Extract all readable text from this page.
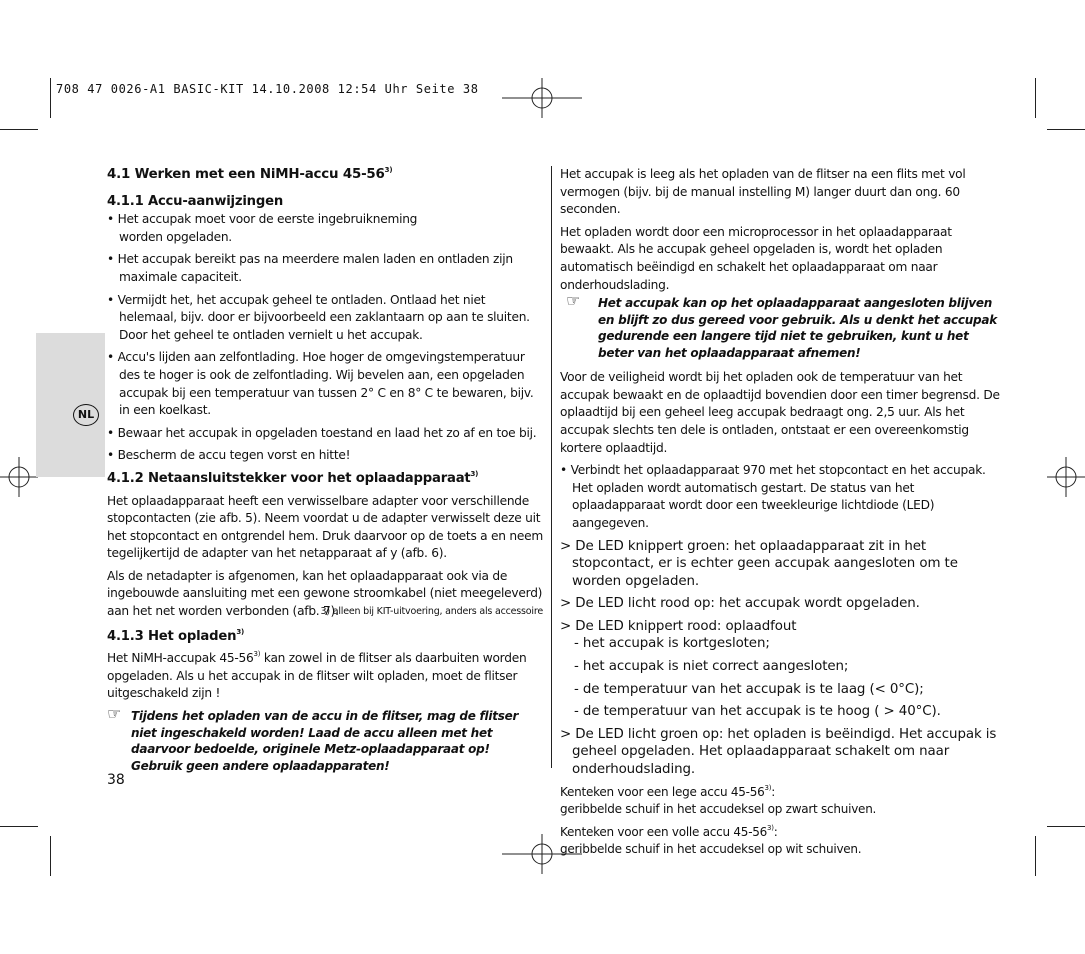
708 47 0026-A1 BASIC-KIT 14.10.2008 12:54 Uhr Seite 38
NL

4.1 Werken met een NiMH-accu 45-56$^{3)}$

4.1.1 Accu-aanwijzingen

• Het accupak moet voor de eerste ingebruikneming worden opgeladen.

• Het accupak bereikt pas na meerdere malen laden en ontladen zijn maximale capaciteit.

• Vermijdt het, het accupak geheel te ontladen. Ontlaad het niet helemaal, bijv. door er bijvoorbeeld een zaklantaarn op aan te sluiten. Door het geheel te ontladen vernielt u het accupak.

• Accu's lijden aan zelfontlading. Hoe hoger de omgevingstemperatuur des te hoger is ook de zelfontlading. Wij bevelen aan, een opgeladen accupak bij een temperatuur van tussen 2° C en 8° C te bewaren, bijv. in een koelkast.

• Bewaar het accupak in opgeladen toestand en laad het zo af en toe bij.

• Bescherm de accu tegen vorst en hitte!

4.1.2 Netaansluitstekker voor het oplaadapparaat$^{3)}$

Het oplaadapparaat heeft een verwisselbare adapter voor verschillende stopcontacten (zie afb. 5). Neem voordat u de adapter verwisselt deze uit het stopcontact en ontgrendel hem. Druk daarvoor op de toets a en neem tegelijkertijd de adapter van het netapparaat af y (afb. 6).

Als de netadapter is afgenomen, kan het oplaadapparaat ook via de ingebouwde aansluiting met een gewone stroomkabel (niet meegeleverd) aan het net worden verbonden (afb. 7).
3) alleen bij KIT-uitvoering, anders als accessoire

4.1.3 Het opladen$^{3)}$

Het NiMH-accupak 45-56$^{3)}$ kan zowel in de flitser als daarbuiten worden opgeladen. Als u het accupak in de flitser wilt opladen, moet de flitser uitgeschakeld zijn !

☞ Tijdens het opladen van de accu in de flitser, mag de flitser niet ingeschakeld worden! Laad de accu alleen met het daarvoor bedoelde, originele Metz-oplaadapparaat op! Gebruik geen andere oplaadapparaten!
38

Het accupak is leeg als het opladen van de flitser na een flits met vol vermogen (bijv. bij de manual instelling M) langer duurt dan ong. 60 seconden.

Het opladen wordt door een microprocessor in het oplaadapparaat bewaakt. Als he accupak geheel opgeladen is, wordt het opladen automatisch beëindigd en schakelt het oplaadapparaat om naar onderhoudslading.

☞ Het accupak kan op het oplaadapparaat aangesloten blijven en blijft zo dus gereed voor gebruik. Als u denkt het accupak gedurende een langere tijd niet te gebruiken, kunt u het beter van het oplaadapparaat afnemen!

Voor de veiligheid wordt bij het opladen ook de temperatuur van het accupak bewaakt en de oplaadtijd bovendien door een timer begrensd. De oplaadtijd bij een geheel leeg accupak bedraagt ong. 2,5 uur. Als het accupak slechts ten dele is ontladen, ontstaat er een overeenkomstig kortere oplaadtijd.

• Verbindt het oplaadapparaat 970 met het stopcontact en het accupak. Het opladen wordt automatisch gestart. De status van het oplaadapparaat wordt door een tweekleurige lichtdiode (LED) aangegeven.

> De LED knippert groen: het oplaadapparaat zit in het stopcontact, er is echter geen accupak aangesloten om te worden opgeladen.

> De LED licht rood op: het accupak wordt opgeladen.

> De LED knippert rood: oplaadfout

- het accupak is kortgesloten;

- het accupak is niet correct aangesloten;

- de temperatuur van het accupak is te laag (< 0°C);

- de temperatuur van het accupak is te hoog ( > 40°C).

> De LED licht groen op: het opladen is beëindigd. Het accupak is geheel opgeladen. Het oplaadapparaat schakelt om naar onderhoudslading.

Kenteken voor een lege accu 45-56$^{3)}$:
geribbelde schuif in het accudeksel op zwart schuiven.

Kenteken voor een volle accu 45-56$^{3)}$:
geribbelde schuif in het accudeksel op wit schuiven.
